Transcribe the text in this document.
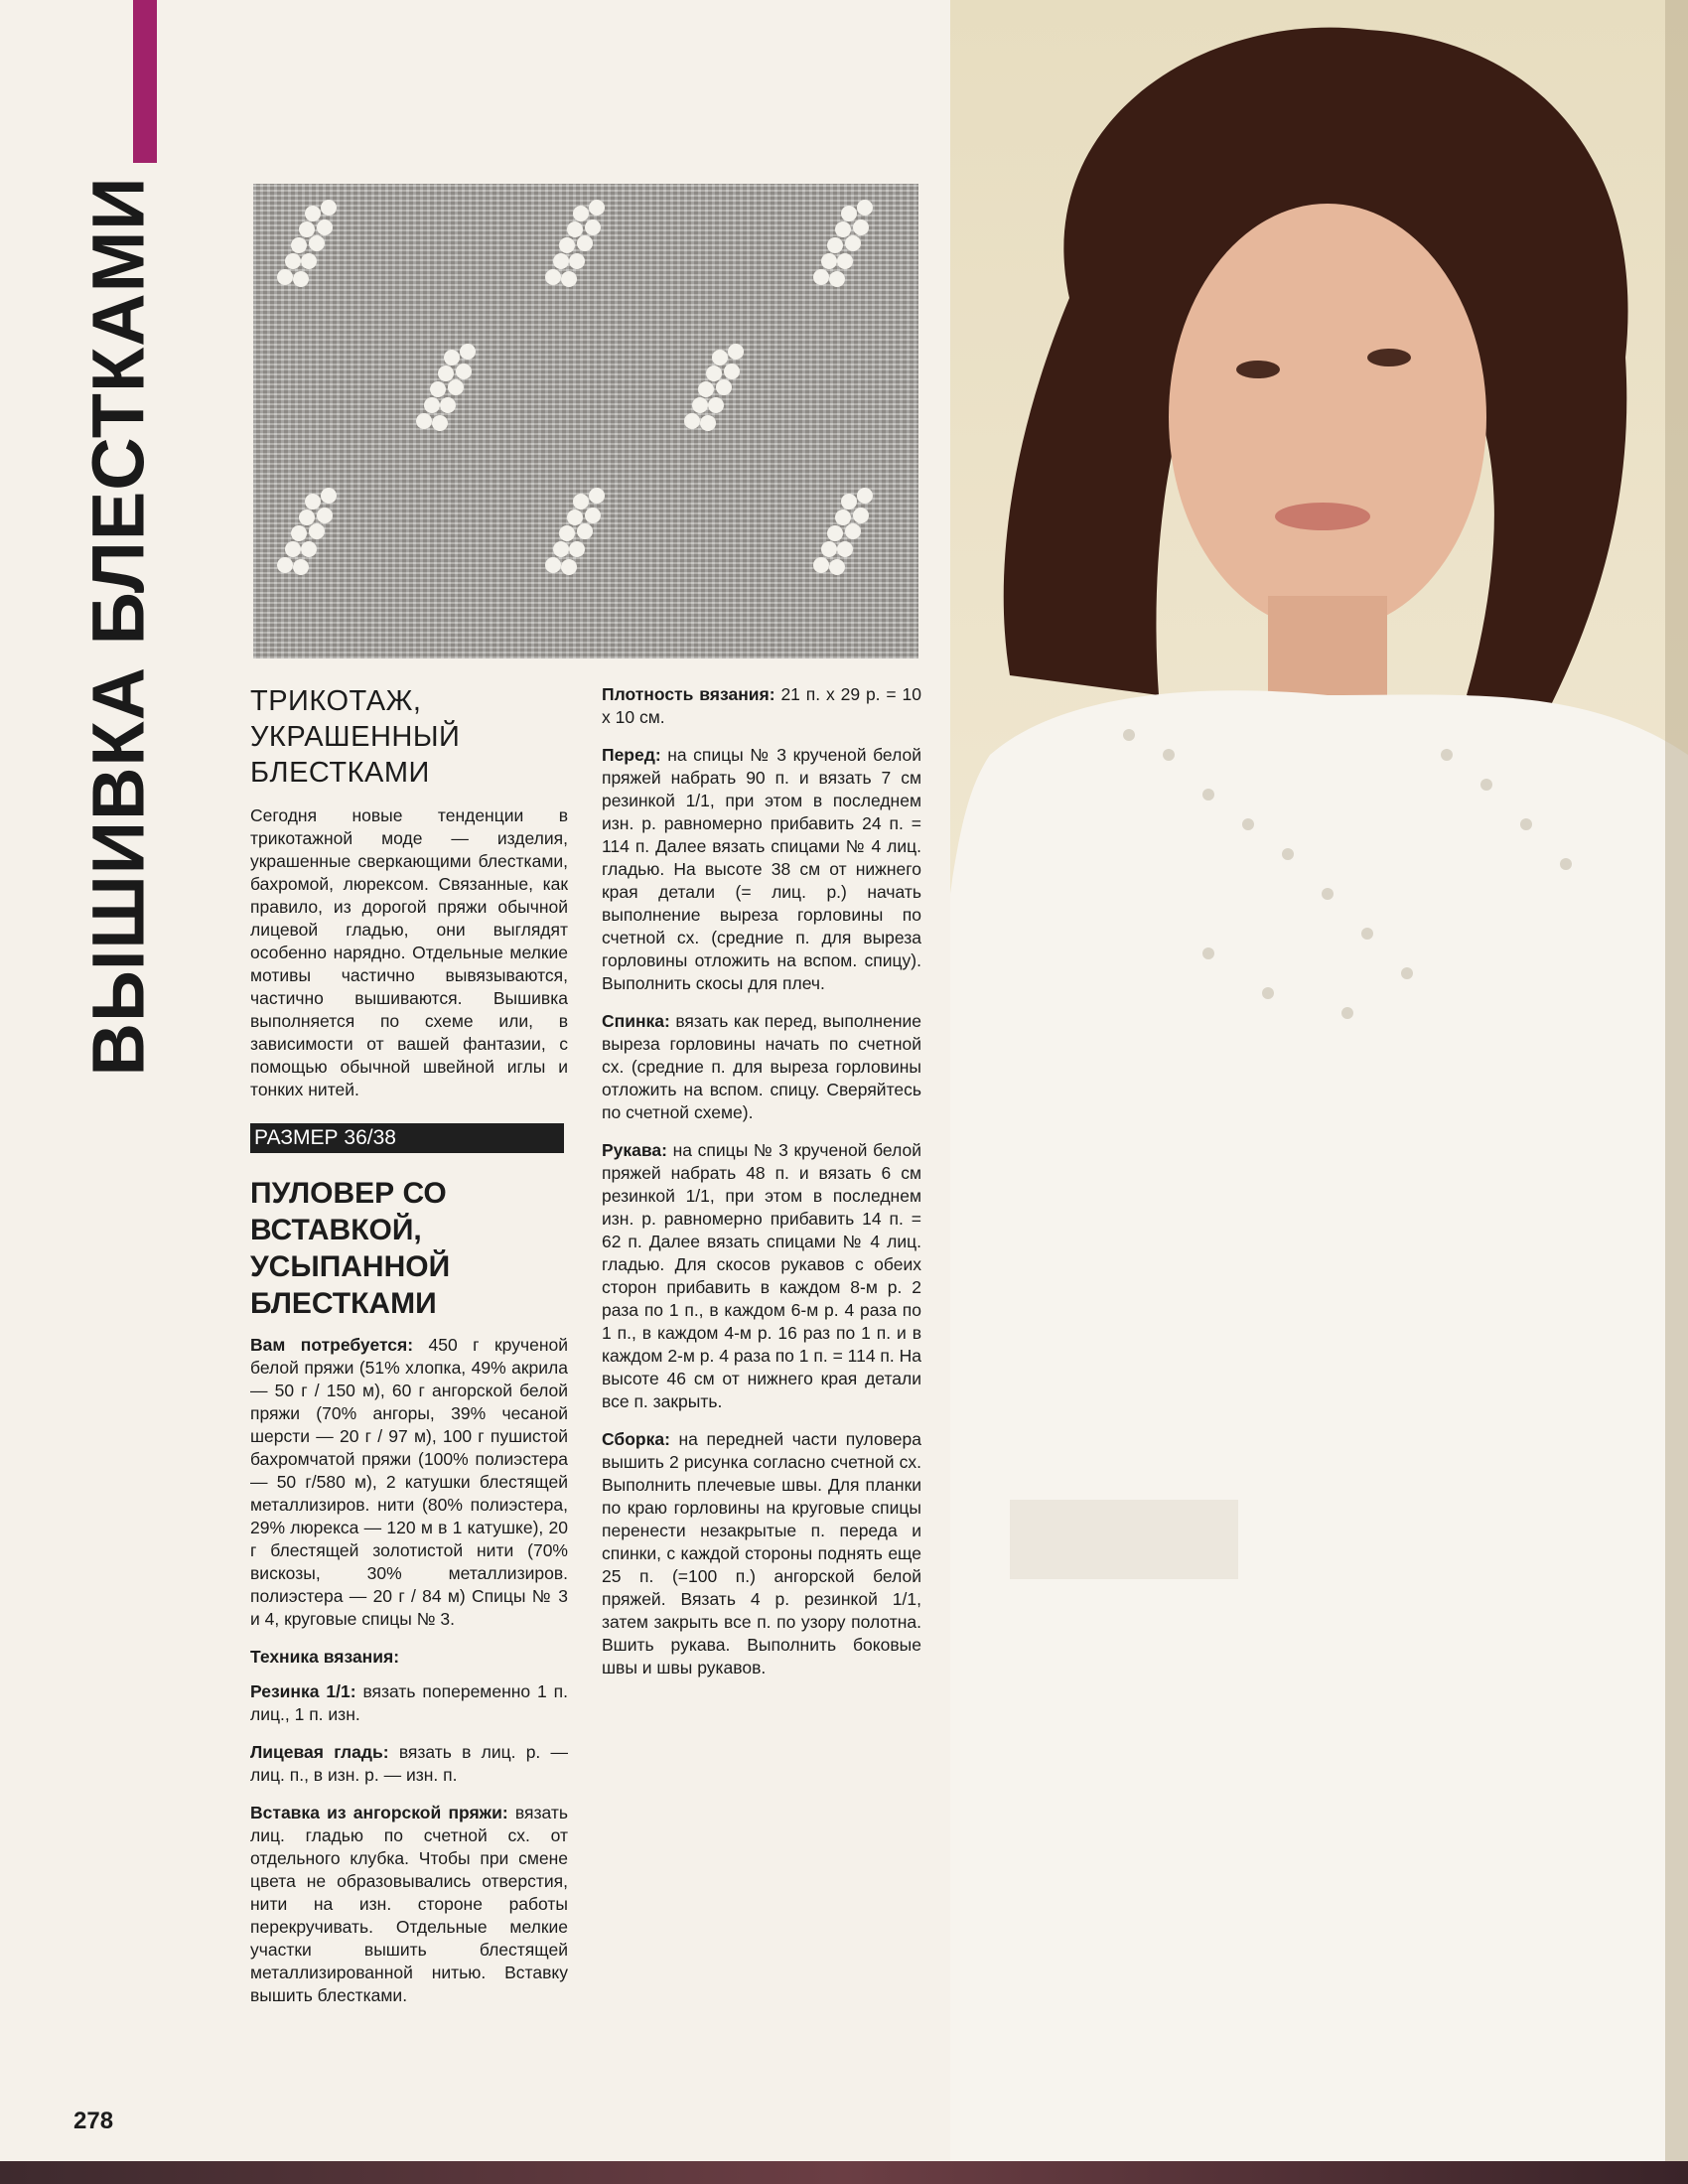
ВЫШИВКА БЛЕСТКАМИ	ТРИКОТАЖ,
УКРАШЕННЫЙ
БЛЕСТКАМИ

Сегодня новые тенденции в трикотажной моде — изделия, украшенные сверкающими блестками, бахромой, люрексом. Связанные, как правило, из дорогой пряжи обычной лицевой гладью, они выглядят особенно нарядно. Отдельные мелкие мотивы частично вывязываются, частично вышиваются. Вышивка выполняется по схеме или, в зависимости от вашей фантазии, с помощью обычной швейной иглы и тонких нитей.

РАЗМЕР 36/38
ПУЛОВЕР СО
ВСТАВКОЙ,
УСЫПАННОЙ
БЛЕСТКАМИ

Вам потребуется: 450 г крученой белой пряжи (51% хлопка, 49% акрила — 50 г / 150 м), 60 г ангорской белой пряжи (70% ангоры, 39% чесаной шерсти — 20 г / 97 м), 100 г пушистой бахромчатой пряжи (100% полиэстера — 50 г/580 м), 2 катушки блестящей металлизиров. нити (80% полиэстера, 29% люрекса — 120 м в 1 катушке), 20 г блестящей золотистой нити (70% вискозы, 30% металлизиров. полиэстера — 20 г / 84 м) Спицы № 3 и 4, круговые спицы № 3.

Техника вязания:

Резинка 1/1: вязать попеременно 1 п. лиц., 1 п. изн.

Лицевая гладь: вязать в лиц. р. — лиц. п., в изн. р. — изн. п.

Вставка из ангорской пряжи: вязать лиц. гладью по счетной сх. от отдельного клубка. Чтобы при смене цвета не образовывались отверстия, нити на изн. стороне работы перекручивать. Отдельные мелкие участки вышить блестящей металлизированной нитью. Вставку вышить блестками.

Плотность вязания: 21 п. x 29 р. = 10 x 10 см.

Перед: на спицы № 3 крученой белой пряжей набрать 90 п. и вязать 7 см резинкой 1/1, при этом в последнем изн. р. равномерно прибавить 24 п. = 114 п. Далее вязать спицами № 4 лиц. гладью. На высоте 38 см от нижнего края детали (= лиц. р.) начать выполнение выреза горловины по счетной сх. (средние п. для выреза горловины отложить на вспом. спицу). Выполнить скосы для плеч.

Спинка: вязать как перед, выполнение выреза горловины начать по счетной сх. (средние п. для выреза горловины отложить на вспом. спицу. Сверяйтесь по счетной схеме).

Рукава: на спицы № 3 крученой белой пряжей набрать 48 п. и вязать 6 см резинкой 1/1, при этом в последнем изн. р. равномерно прибавить 14 п. = 62 п. Далее вязать спицами № 4 лиц. гладью. Для скосов рукавов с обеих сторон прибавить в каждом 8-м р. 2 раза по 1 п., в каждом 6-м р. 4 раза по 1 п., в каждом 4-м р. 16 раз по 1 п. и в каждом 2-м р. 4 раза по 1 п. = 114 п. На высоте 46 см от нижнего края детали все п. закрыть.

Сборка: на передней части пуловера вышить 2 рисунка согласно счетной сх. Выполнить плечевые швы. Для планки по краю горловины на круговые спицы перенести незакрытые п. переда и спинки, с каждой стороны поднять еще 25 п. (=100 п.) ангорской белой пряжей. Вязать 4 р. резинкой 1/1, затем закрыть все п. по узору полотна. Вшить рукава. Выполнить боковые швы и швы рукавов.

278
